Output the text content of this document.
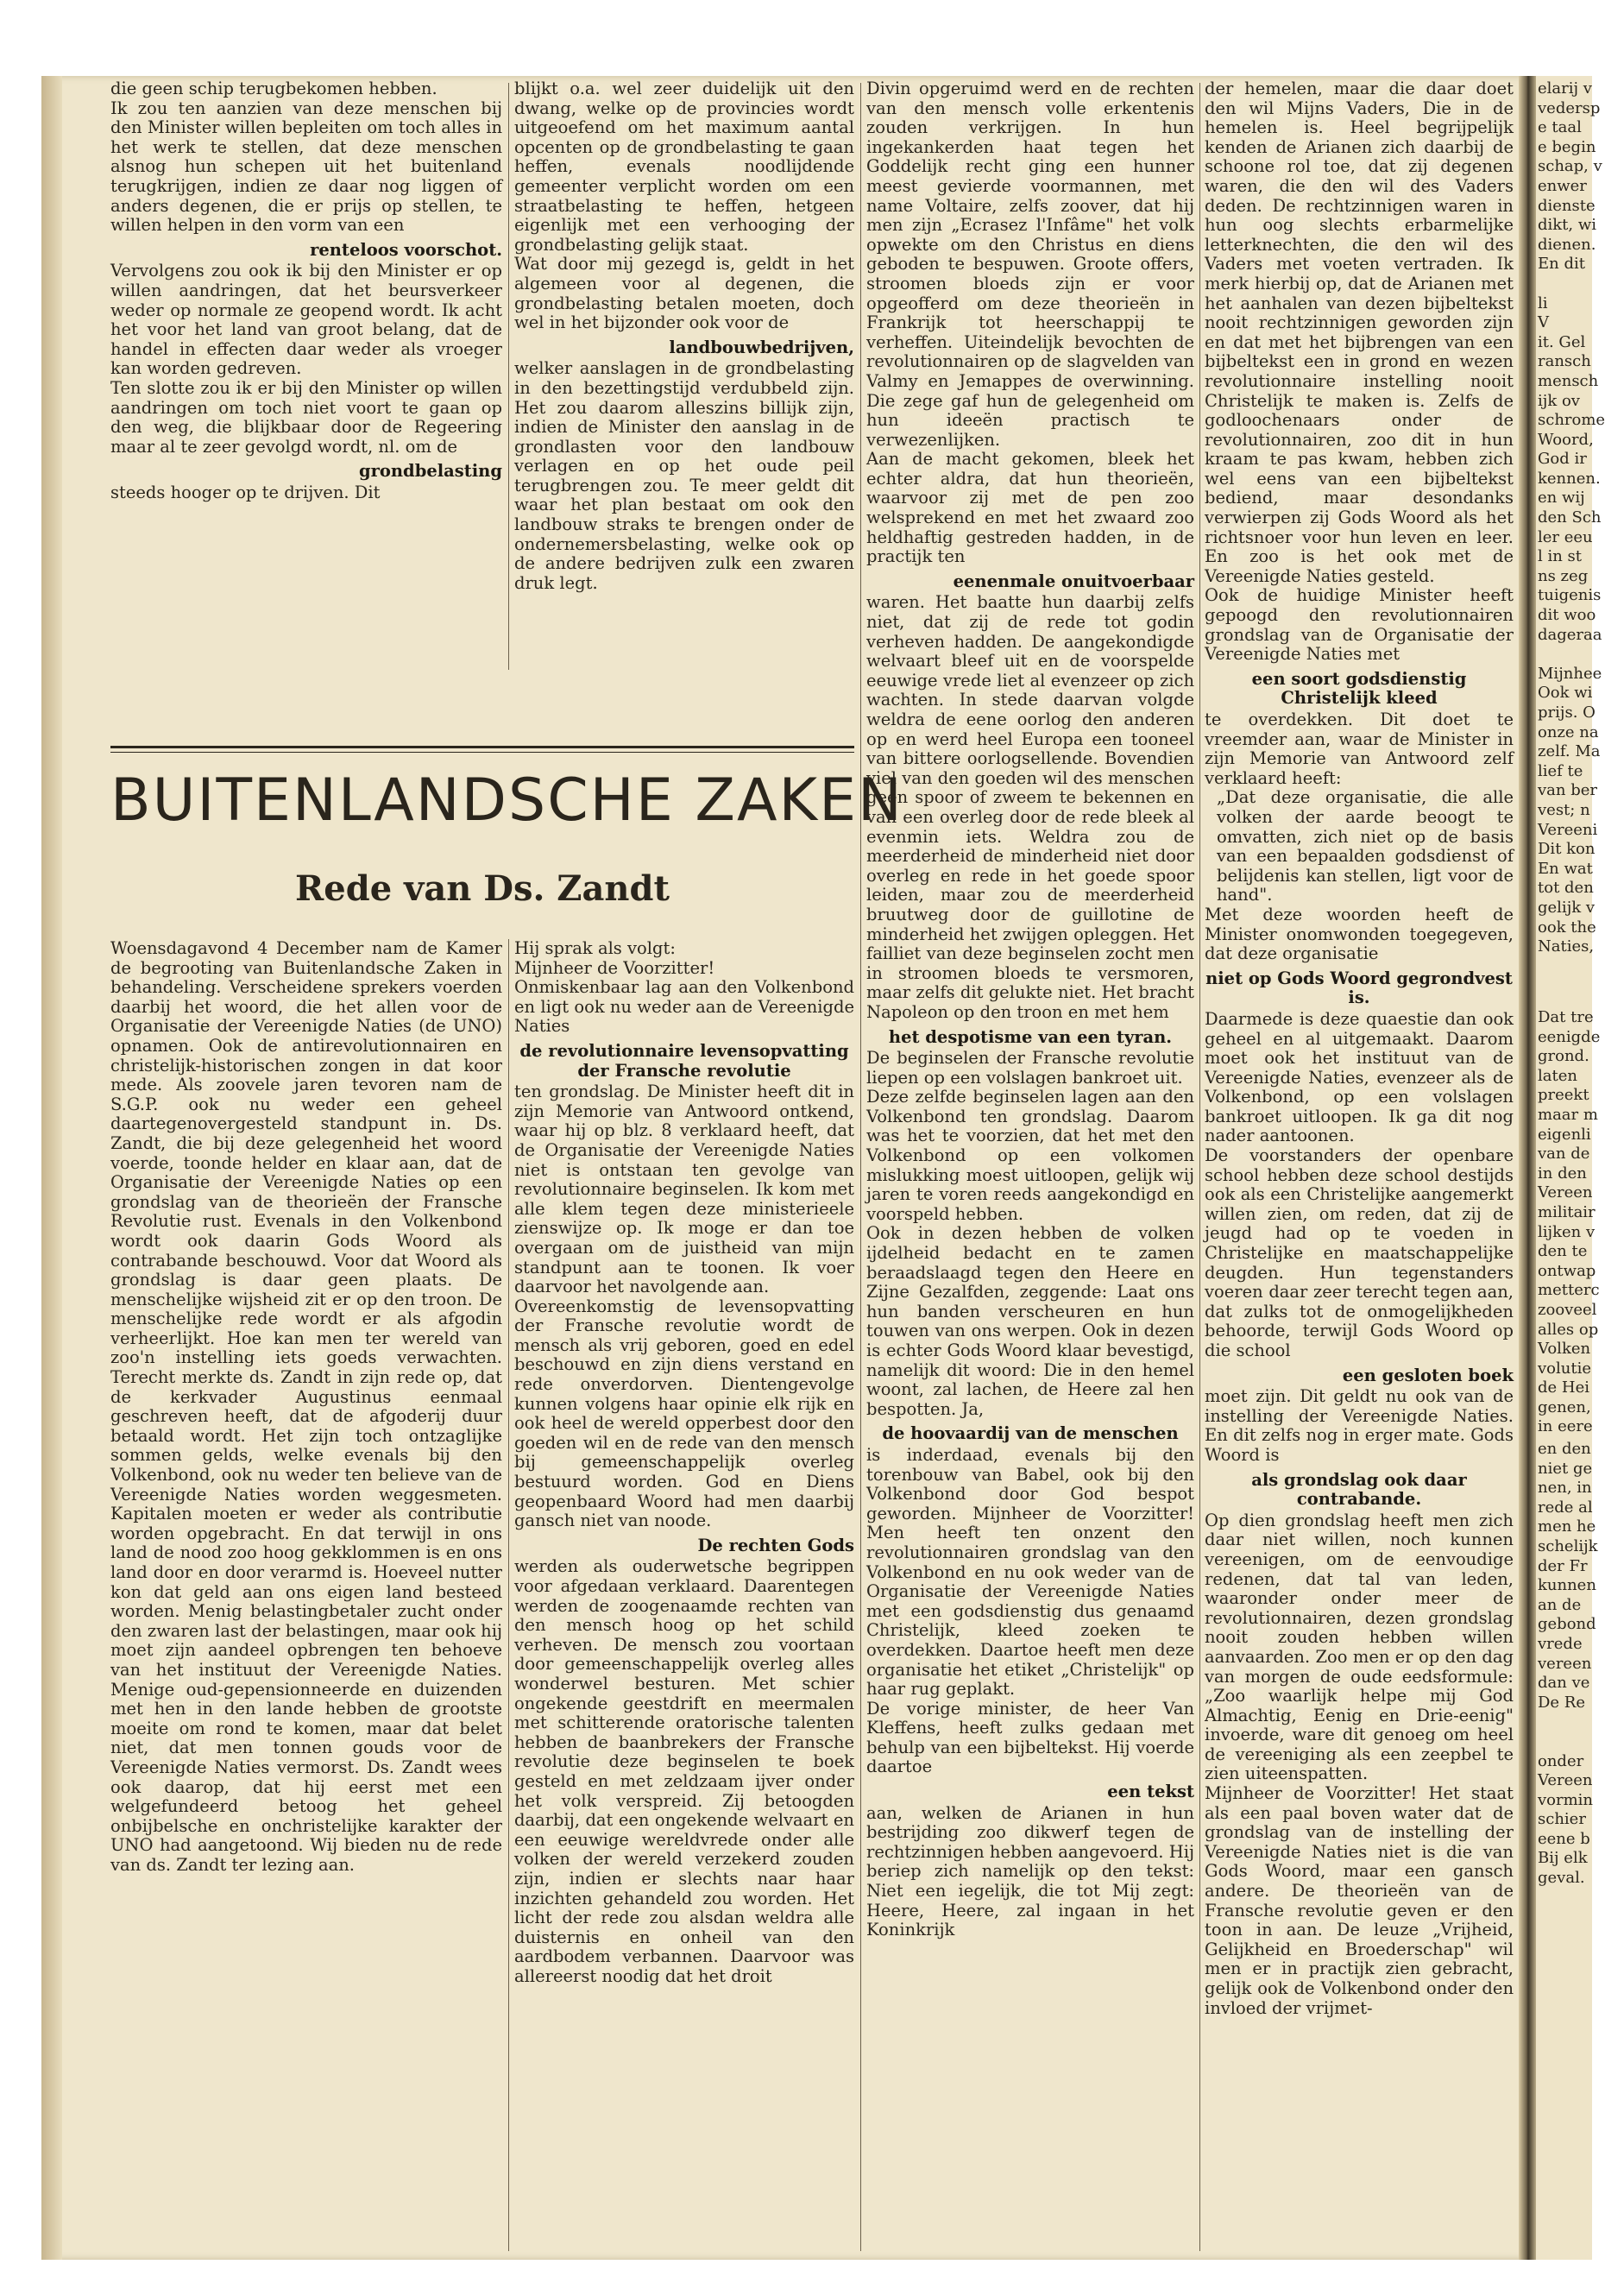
die geen schip terugbekomen hebben.

Ik zou ten aanzien van deze menschen bij den Minister willen bepleiten om toch alles in het werk te stellen, dat deze menschen alsnog hun schepen uit het buitenland terugkrijgen, indien ze daar nog liggen of anders degenen, die er prijs op stellen, te willen helpen in den vorm van een

renteloos voorschot.

Vervolgens zou ook ik bij den Minister er op willen aandringen, dat het beursverkeer weder op normale ze geopend wordt. Ik acht het voor het land van groot belang, dat de handel in effecten daar weder als vroeger kan worden gedreven.

Ten slotte zou ik er bij den Minister op willen aandringen om toch niet voort te gaan op den weg, die blijkbaar door de Regeering maar al te zeer gevolgd wordt, nl. om de

grondbelasting

steeds hooger op te drijven. Dit

blijkt o.a. wel zeer duidelijk uit den dwang, welke op de provincies wordt uitgeoefend om het maximum aantal opcenten op de grondbelasting te gaan heffen, evenals noodlijdende gemeenter verplicht worden om een straatbelasting te heffen, hetgeen eigenlijk met een verhooging der grondbelasting gelijk staat.

Wat door mij gezegd is, geldt in het algemeen voor al degenen, die grondbelasting betalen moeten, doch wel in het bijzonder ook voor de

landbouwbedrijven,

welker aanslagen in de grondbelasting in den bezettingstijd verdubbeld zijn. Het zou daarom alleszins billijk zijn, indien de Minister den aanslag in de grondlasten voor den landbouw verlagen en op het oude peil terugbrengen zou. Te meer geldt dit waar het plan bestaat om ook den landbouw straks te brengen onder de ondernemersbelasting, welke ook op de andere bedrijven zulk een zwaren druk legt.

BUITENLANDSCHE ZAKEN
Rede van Ds. Zandt

Woensdagavond 4 December nam de Kamer de begrooting van Buitenlandsche Zaken in behandeling. Verscheidene sprekers voerden daarbij het woord, die het allen voor de Organisatie der Vereenigde Naties (de UNO) opnamen. Ook de antirevolutionnairen en christelijk-historischen zongen in dat koor mede. Als zoovele jaren tevoren nam de S.G.P. ook nu weder een geheel daartegenovergesteld standpunt in. Ds. Zandt, die bij deze gelegenheid het woord voerde, toonde helder en klaar aan, dat de Organisatie der Vereenigde Naties op een grondslag van de theorieën der Fransche Revolutie rust. Evenals in den Volkenbond wordt ook daarin Gods Woord als contrabande beschouwd. Voor dat Woord als grondslag is daar geen plaats. De menschelijke wijsheid zit er op den troon. De menschelijke rede wordt er als afgodin verheerlijkt. Hoe kan men ter wereld van zoo'n instelling iets goeds verwachten. Terecht merkte ds. Zandt in zijn rede op, dat de kerkvader Augustinus eenmaal geschreven heeft, dat de afgoderij duur betaald wordt. Het zijn toch ontzaglijke sommen gelds, welke evenals bij den Volkenbond, ook nu weder ten believe van de Vereenigde Naties worden weggesmeten. Kapitalen moeten er weder als contributie worden opgebracht. En dat terwijl in ons land de nood zoo hoog gekklommen is en ons land door en door verarmd is. Hoeveel nutter kon dat geld aan ons eigen land besteed worden. Menig belastingbetaler zucht onder den zwaren last der belastingen, maar ook hij moet zijn aandeel opbrengen ten behoeve van het instituut der Vereenigde Naties. Menige oud-gepensionneerde en duizenden met hen in den lande hebben de grootste moeite om rond te komen, maar dat belet niet, dat men tonnen gouds voor de Vereenigde Naties vermorst. Ds. Zandt wees ook daarop, dat hij eerst met een welgefundeerd betoog het geheel onbijbelsche en onchristelijke karakter der UNO had aangetoond. Wij bieden nu de rede van ds. Zandt ter lezing aan.

Hij sprak als volgt:

Mijnheer de Voorzitter!

Onmiskenbaar lag aan den Volkenbond en ligt ook nu weder aan de Vereenigde Naties

de revolutionnaire levensopvatting der Fransche revolutie

ten grondslag. De Minister heeft dit in zijn Memorie van Antwoord ontkend, waar hij op blz. 8 verklaard heeft, dat de Organisatie der Vereenigde Naties niet is ontstaan ten gevolge van revolutionnaire beginselen. Ik kom met alle klem tegen deze ministerieele zienswijze op. Ik moge er dan toe overgaan om de juistheid van mijn standpunt aan te toonen. Ik voer daarvoor het navolgende aan.

Overeenkomstig de levensopvatting der Fransche revolutie wordt de mensch als vrij geboren, goed en edel beschouwd en zijn diens verstand en rede onverdorven. Dientengevolge kunnen volgens haar opinie elk rijk en ook heel de wereld opperbest door den goeden wil en de rede van den mensch bij gemeenschappelijk overleg bestuurd worden. God en Diens geopenbaard Woord had men daarbij gansch niet van noode.

De rechten Gods

werden als ouderwetsche begrippen voor afgedaan verklaard. Daarentegen werden de zoogenaamde rechten van den mensch hoog op het schild verheven. De mensch zou voortaan door gemeenschappelijk overleg alles wonderwel besturen. Met schier ongekende geestdrift en meermalen met schitterende oratorische talenten hebben de baanbrekers der Fransche revolutie deze beginselen te boek gesteld en met zeldzaam ijver onder het volk verspreid. Zij betoogden daarbij, dat een ongekende welvaart en een eeuwige wereldvrede onder alle volken der wereld verzekerd zouden zijn, indien er slechts naar haar inzichten gehandeld zou worden. Het licht der rede zou alsdan weldra alle duisternis en onheil van den aardbodem verbannen. Daarvoor was allereerst noodig dat het droit

Divin opgeruimd werd en de rechten van den mensch volle erkentenis zouden verkrijgen. In hun ingekankerden haat tegen het Goddelijk recht ging een hunner meest gevierde voormannen, met name Voltaire, zelfs zoover, dat hij men zijn „Ecrasez l'Infâme" het volk opwekte om den Christus en diens geboden te bespuwen. Groote offers, stroomen bloeds zijn er voor opgeofferd om deze theorieën in Frankrijk tot heerschappij te verheffen. Uiteindelijk bevochten de revolutionnairen op de slagvelden van Valmy en Jemappes de overwinning. Die zege gaf hun de gelegenheid om hun ideeën practisch te verwezenlijken.

Aan de macht gekomen, bleek het echter aldra, dat hun theorieën, waarvoor zij met de pen zoo welsprekend en met het zwaard zoo heldhaftig gestreden hadden, in de practijk ten

eenenmale onuitvoerbaar

waren. Het baatte hun daarbij zelfs niet, dat zij de rede tot godin verheven hadden. De aangekondigde welvaart bleef uit en de voorspelde eeuwige vrede liet al evenzeer op zich wachten. In stede daarvan volgde weldra de eene oorlog den anderen op en werd heel Europa een tooneel van bittere oorlogsellende. Bovendien viel van den goeden wil des menschen geen spoor of zweem te bekennen en van een overleg door de rede bleek al evenmin iets. Weldra zou de meerderheid de minderheid niet door overleg en rede in het goede spoor leiden, maar zou de meerderheid bruutweg door de guillotine de minderheid het zwijgen opleggen. Het failliet van deze beginselen zocht men in stroomen bloeds te versmoren, maar zelfs dit gelukte niet. Het bracht Napoleon op den troon en met hem

het despotisme van een tyran.

De beginselen der Fransche revolutie liepen op een volslagen bankroet uit.

Deze zelfde beginselen lagen aan den Volkenbond ten grondslag. Daarom was het te voorzien, dat het met den Volkenbond op een volkomen mislukking moest uitloopen, gelijk wij jaren te voren reeds aangekondigd en voorspeld hebben.

Ook in dezen hebben de volken ijdelheid bedacht en te zamen beraadslaagd tegen den Heere en Zijne Gezalfden, zeggende: Laat ons hun banden verscheuren en hun touwen van ons werpen. Ook in dezen is echter Gods Woord klaar bevestigd, namelijk dit woord: Die in den hemel woont, zal lachen, de Heere zal hen bespotten. Ja,

de hoovaardij van de menschen

is inderdaad, evenals bij den torenbouw van Babel, ook bij den Volkenbond door God bespot geworden. Mijnheer de Voorzitter! Men heeft ten onzent den revolutionnairen grondslag van den Volkenbond en nu ook weder van de Organisatie der Vereenigde Naties met een godsdienstig dus genaamd Christelijk, kleed zoeken te overdekken. Daartoe heeft men deze organisatie het etiket „Christelijk" op haar rug geplakt.

De vorige minister, de heer Van Kleffens, heeft zulks gedaan met behulp van een bijbeltekst. Hij voerde daartoe

een tekst

aan, welken de Arianen in hun bestrijding zoo dikwerf tegen de rechtzinnigen hebben aangevoerd. Hij beriep zich namelijk op den tekst: Niet een iegelijk, die tot Mij zegt: Heere, Heere, zal ingaan in het Koninkrijk

der hemelen, maar die daar doet den wil Mijns Vaders, Die in de hemelen is. Heel begrijpelijk kenden de Arianen zich daarbij de schoone rol toe, dat zij degenen waren, die den wil des Vaders deden. De rechtzinnigen waren in hun oog slechts erbarmelijke letterknechten, die den wil des Vaders met voeten vertraden. Ik merk hierbij op, dat de Arianen met het aanhalen van dezen bijbeltekst nooit rechtzinnigen geworden zijn en dat met het bijbrengen van een bijbeltekst een in grond en wezen revolutionnaire instelling nooit Christelijk te maken is. Zelfs de godloochenaars onder de revolutionnairen, zoo dit in hun kraam te pas kwam, hebben zich wel eens van een bijbeltekst bediend, maar desondanks verwierpen zij Gods Woord als het richtsnoer voor hun leven en leer. En zoo is het ook met de Vereenigde Naties gesteld.

Ook de huidige Minister heeft gepoogd den revolutionnairen grondslag van de Organisatie der Vereenigde Naties met

een soort godsdienstig Christelijk kleed

te overdekken. Dit doet te vreemder aan, waar de Minister in zijn Memorie van Antwoord zelf verklaard heeft:

„Dat deze organisatie, die alle volken der aarde beoogt te omvatten, zich niet op de basis van een bepaalden godsdienst of belijdenis kan stellen, ligt voor de hand".

Met deze woorden heeft de Minister onomwonden toegegeven, dat deze organisatie

niet op Gods Woord gegrondvest is.

Daarmede is deze quaestie dan ook geheel en al uitgemaakt. Daarom moet ook het instituut van de Vereenigde Naties, evenzeer als de Volkenbond, op een volslagen bankroet uitloopen. Ik ga dit nog nader aantoonen.

De voorstanders der openbare school hebben deze school destijds ook als een Christelijke aangemerkt willen zien, om reden, dat zij de jeugd had op te voeden in Christelijke en maatschappelijke deugden. Hun tegenstanders voeren daar zeer terecht tegen aan, dat zulks tot de onmogelijkheden behoorde, terwijl Gods Woord op die school

een gesloten boek

moet zijn. Dit geldt nu ook van de instelling der Vereenigde Naties. En dit zelfs nog in erger mate. Gods Woord is

als grondslag ook daar contrabande.

Op dien grondslag heeft men zich daar niet willen, noch kunnen vereenigen, om de eenvoudige redenen, dat tal van leden, waaronder onder meer de revolutionnairen, dezen grondslag nooit zouden hebben willen aanvaarden. Zoo men er op den dag van morgen de oude eedsformule: „Zoo waarlijk helpe mij God Almachtig, Eenig en Drie-eenig" invoerde, ware dit genoeg om heel de vereeniging als een zeepbel te zien uiteenspatten.

Mijnheer de Voorzitter! Het staat als een paal boven water dat de grondslag van de instelling der Vereenigde Naties niet is die van Gods Woord, maar een gansch andere. De theorieën van de Fransche revolutie geven er den toon in aan. De leuze „Vrijheid, Gelijkheid en Broederschap" wil men er in practijk zien gebracht, gelijk ook de Volkenbond onder den invloed der vrijmet-

elarij v
vedersp
e taal
e begin
schap, v
enwer
dienste
dikt, wi
dienen.
En dit

li
V
it. Gel
ransch
mensch
ijk ov
schrome
Woord,
God ir
kennen.
en wij
den Sch
ler eeu
l in st
ns zeg
tuigenis
dit woo
dageraa

Mijnhee
Ook wi
prijs. O
onze na
zelf. Ma
lief te
van ber
vest; n
Vereeni
Dit kon
En wat
tot den
gelijk v
ook the
Naties,
Dat tre
eenigde
grond.
laten
preekt
maar m
eigenli
van de
in den
Vereen
militair
lijken v
den te
ontwap
metterc
zooveel
alles op
Volken
volutie
de Hei
genen,
in eere
en den
niet ge
nen, in
rede al
men he
schelijk
der Fr
kunnen
an de
gebond
vrede
vereen
dan ve
De Re

onder
Vereen
vormin
schier
eene b
Bij elk
geval.
